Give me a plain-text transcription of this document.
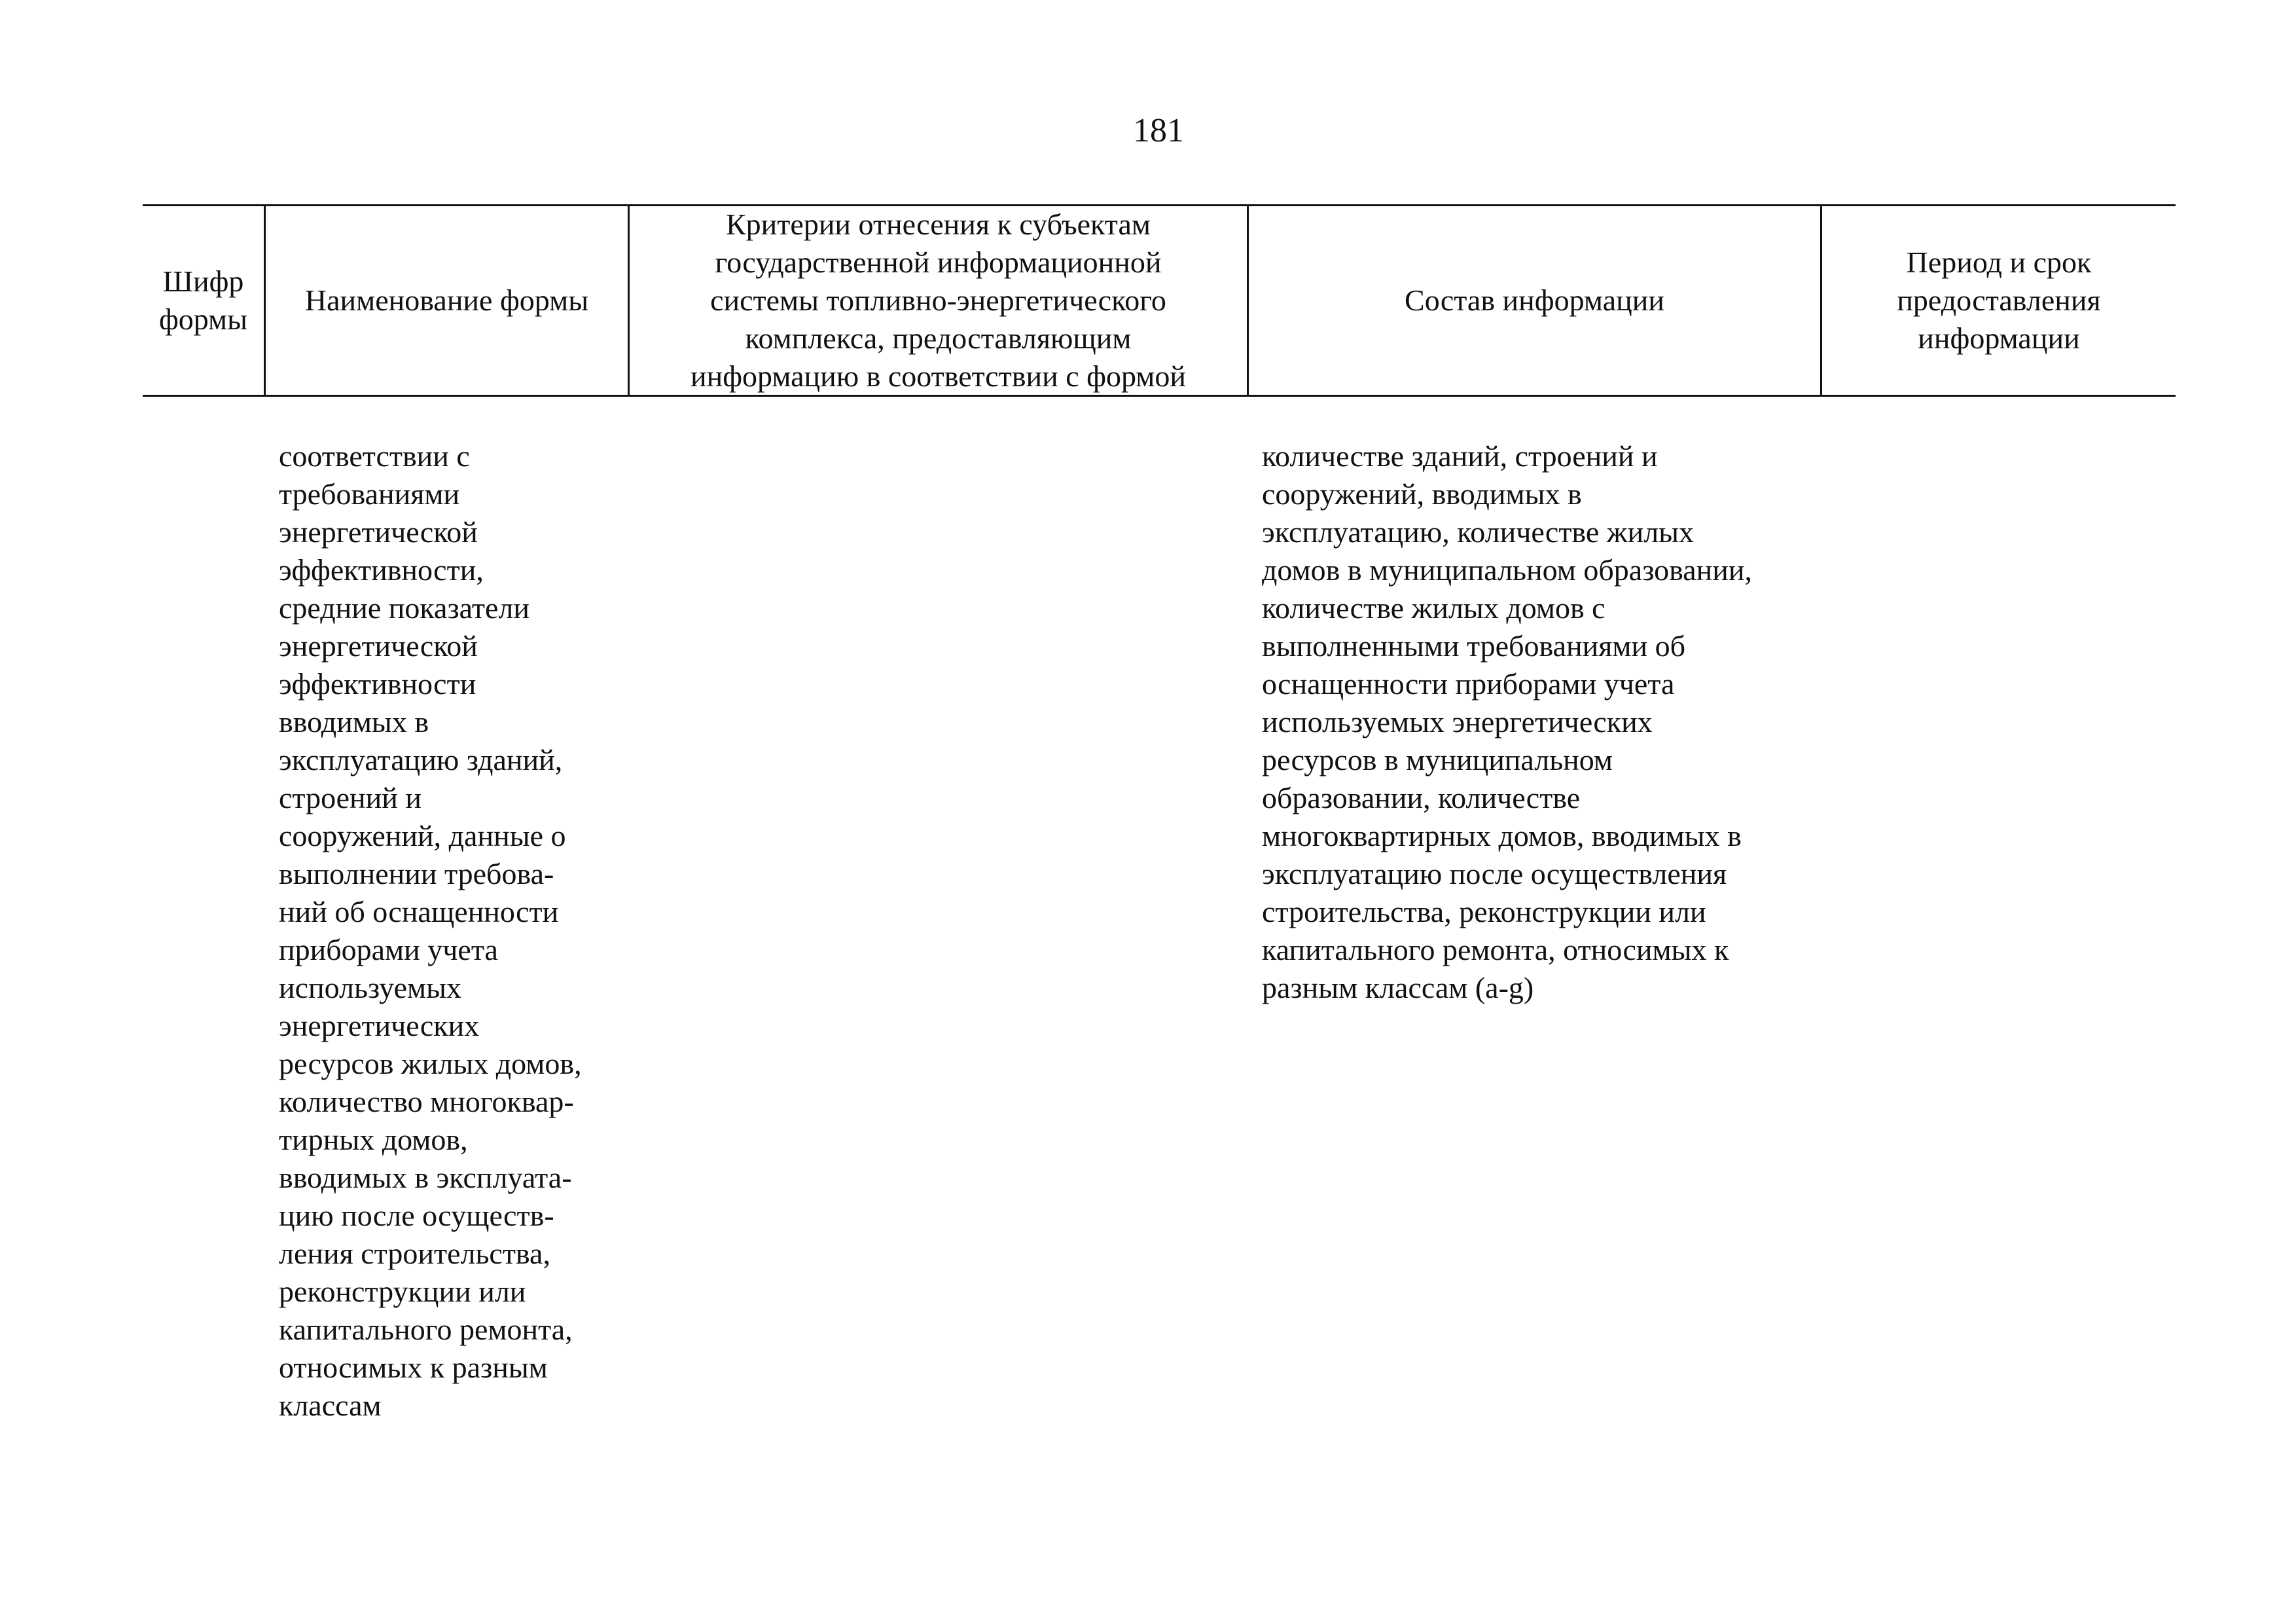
181
Шифр
формы
Наименование формы
Критерии отнесения к субъектам
государственной информационной
системы топливно-энергетического
комплекса, предоставляющим
информацию в соответствии с формой
Состав информации
Период и срок
предоставления
информации
соответствии с
требованиями
энергетической
эффективности,
средние показатели
энергетической
эффективности
вводимых в
эксплуатацию зданий,
строений и
сооружений, данные о
выполнении требова-
ний об оснащенности
приборами учета
используемых
энергетических
ресурсов жилых домов,
количество многоквар-
тирных домов,
вводимых в эксплуата-
цию после осуществ-
ления строительства,
реконструкции или
капитального ремонта,
относимых к разным
классам
количестве зданий, строений и
сооружений, вводимых в
эксплуатацию, количестве жилых
домов в муниципальном образовании,
количестве жилых домов с
выполненными требованиями об
оснащенности приборами учета
используемых энергетических
ресурсов в муниципальном
образовании, количестве
многоквартирных домов, вводимых в
эксплуатацию после осуществления
строительства, реконструкции или
капитального ремонта, относимых к
разным классам (a-g)
